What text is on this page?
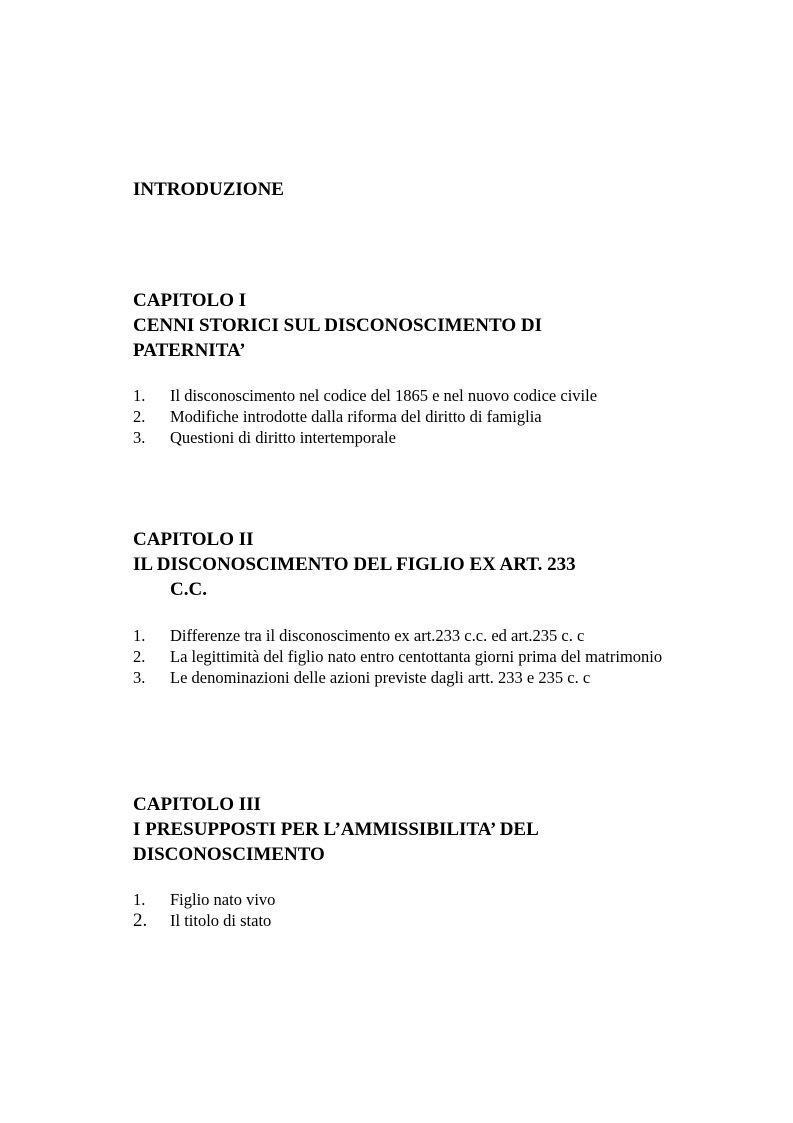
INTRODUZIONE
CAPITOLO I
CENNI STORICI SUL DISCONOSCIMENTO DI
PATERNITA’
1.	Il disconoscimento nel codice del 1865 e nel nuovo codice civile
2.	Modifiche introdotte dalla riforma del diritto di famiglia
3.	Questioni di diritto intertemporale
CAPITOLO II
IL DISCONOSCIMENTO DEL FIGLIO EX ART. 233
C.C.
1.	Differenze tra il disconoscimento ex art.233 c.c. ed art.235 c. c
2.	La legittimità del figlio nato entro centottanta giorni prima del matrimonio
3.	Le denominazioni delle azioni previste dagli artt. 233 e 235 c. c
CAPITOLO III
I PRESUPPOSTI PER L’AMMISSIBILITA’ DEL
DISCONOSCIMENTO
1.	Figlio nato vivo
2.	Il titolo di stato
